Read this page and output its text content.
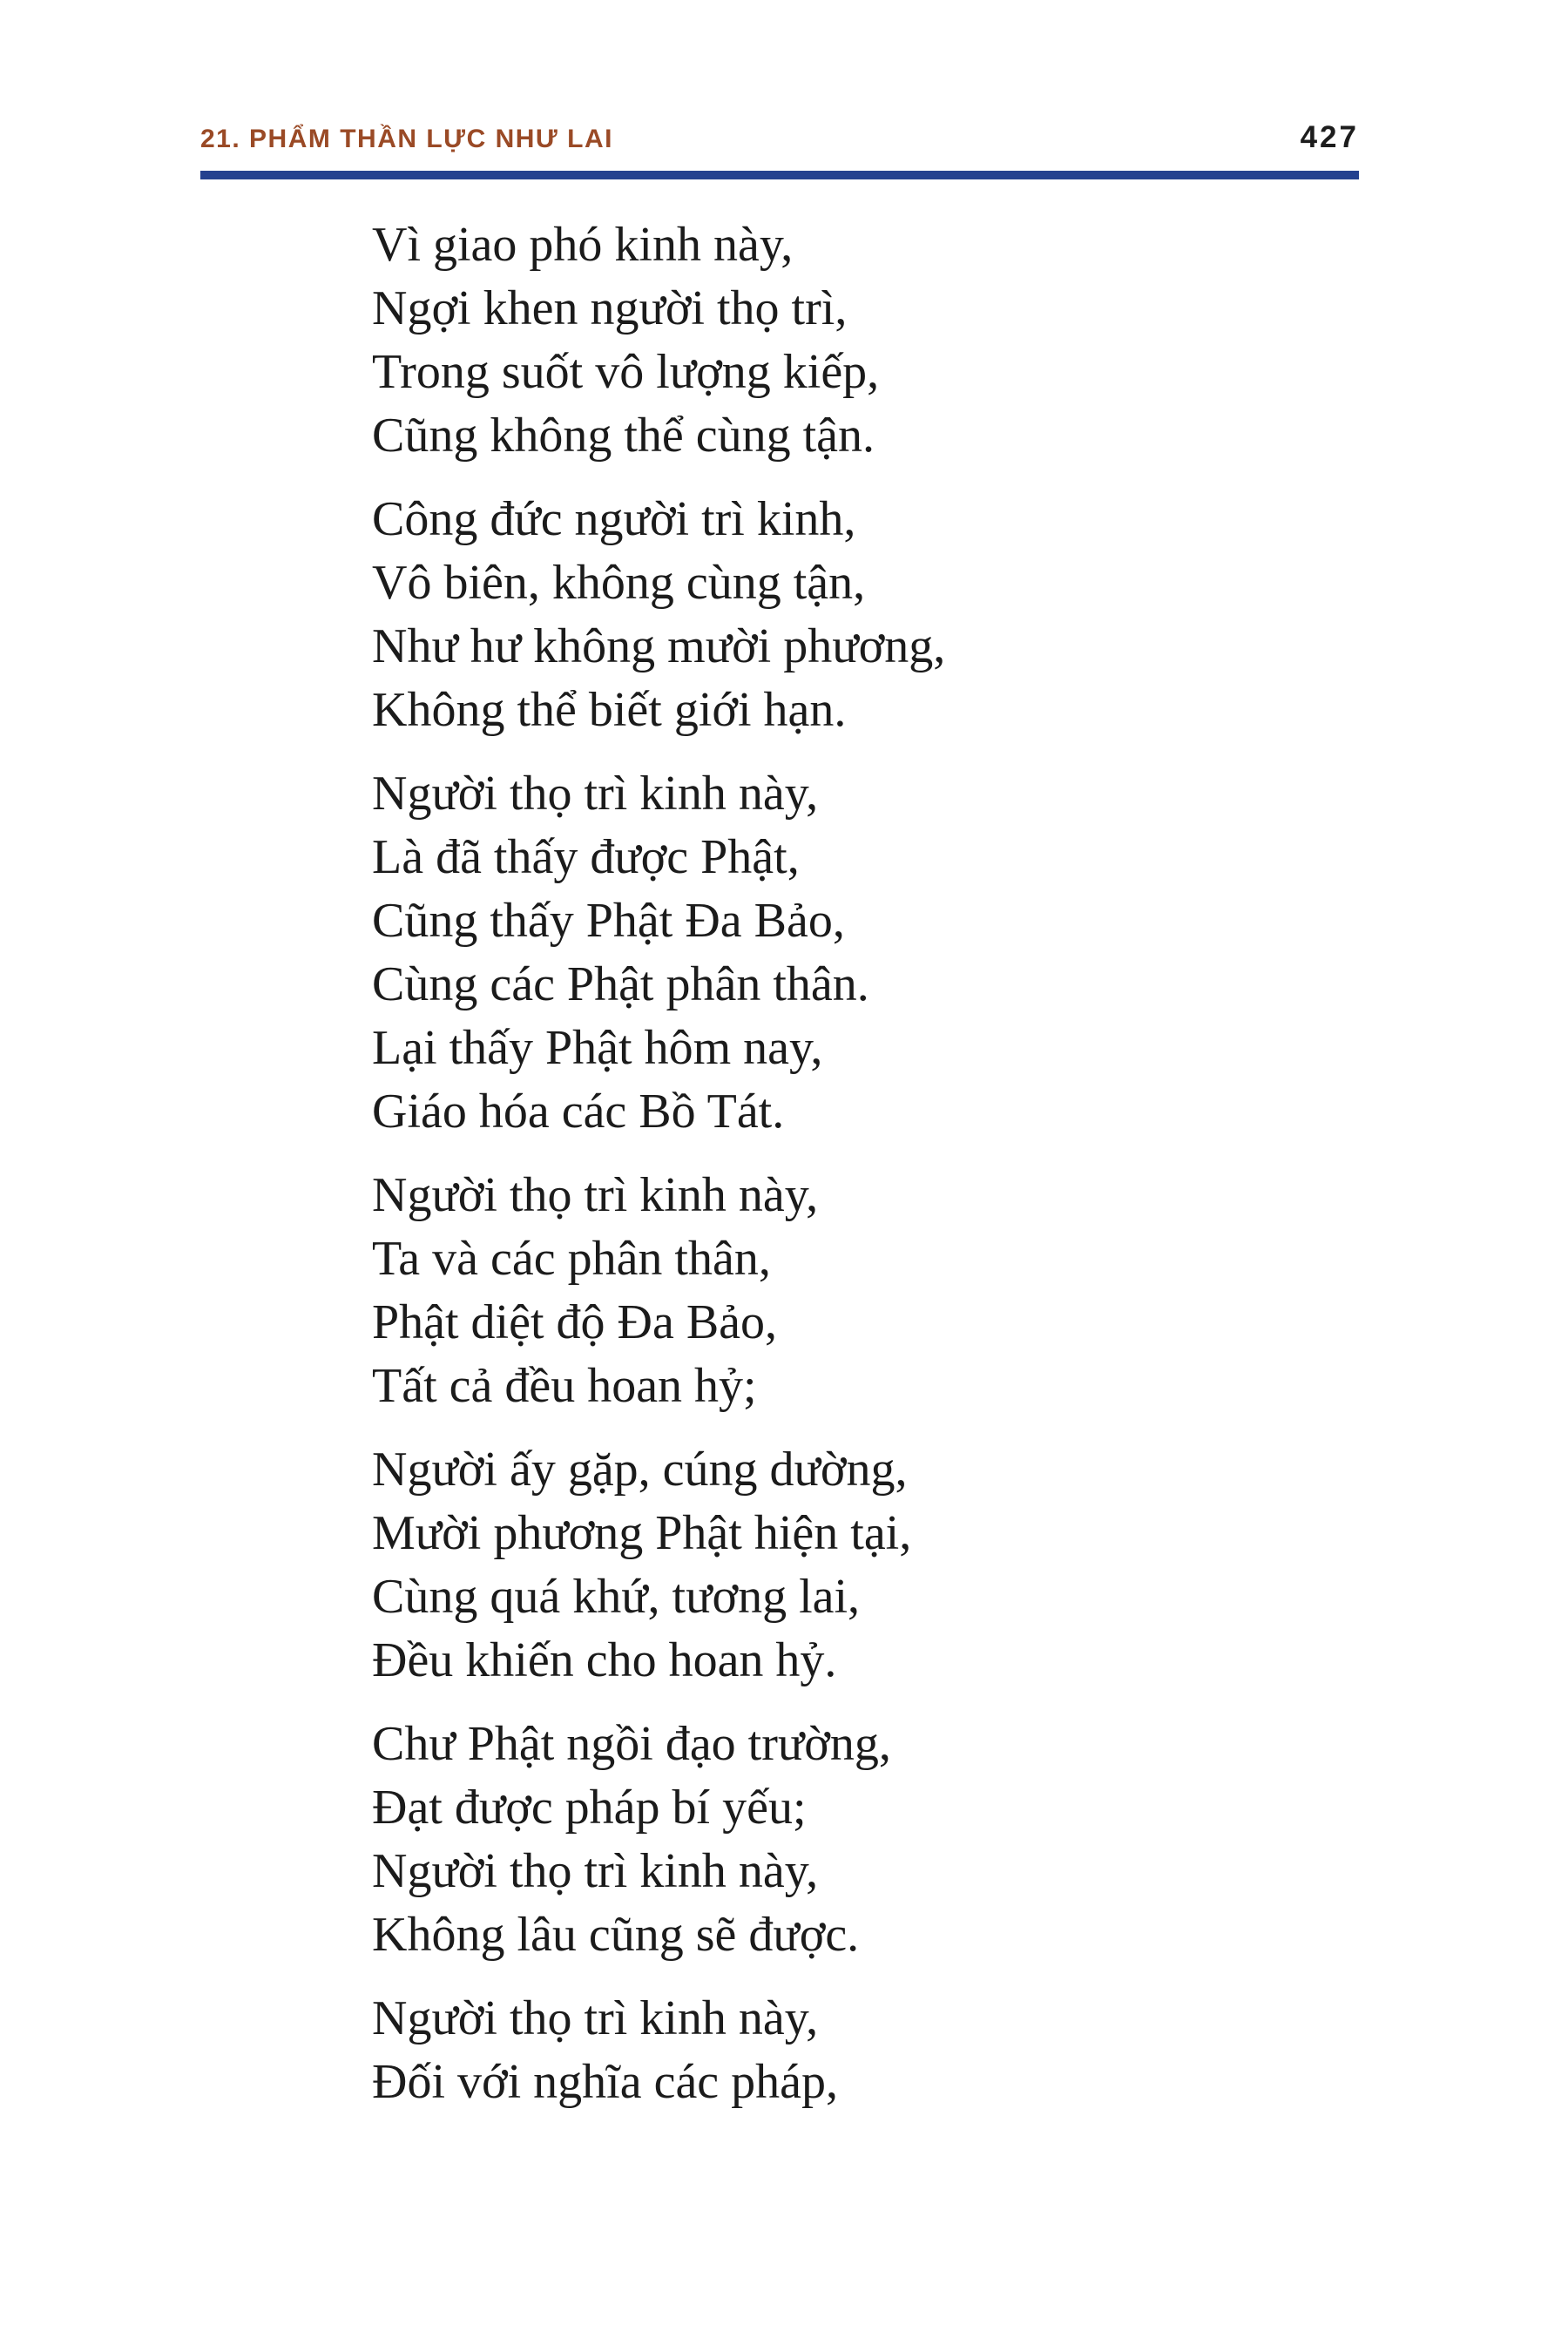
21. PHẨM THẦN LỰC NHƯ LAI	427
Vì giao phó kinh này,
Ngợi khen người thọ trì,
Trong suốt vô lượng kiếp,
Cũng không thể cùng tận.
Công đức người trì kinh,
Vô biên, không cùng tận,
Như hư không mười phương,
Không thể biết giới hạn.
Người thọ trì kinh này,
Là đã thấy được Phật,
Cũng thấy Phật Đa Bảo,
Cùng các Phật phân thân.
Lại thấy Phật hôm nay,
Giáo hóa các Bồ Tát.
Người thọ trì kinh này,
Ta và các phân thân,
Phật diệt độ Đa Bảo,
Tất cả đều hoan hỷ;
Người ấy gặp, cúng dường,
Mười phương Phật hiện tại,
Cùng quá khứ, tương lai,
Đều khiến cho hoan hỷ.
Chư Phật ngồi đạo trường,
Đạt được pháp bí yếu;
Người thọ trì kinh này,
Không lâu cũng sẽ được.
Người thọ trì kinh này,
Đối với nghĩa các pháp,
